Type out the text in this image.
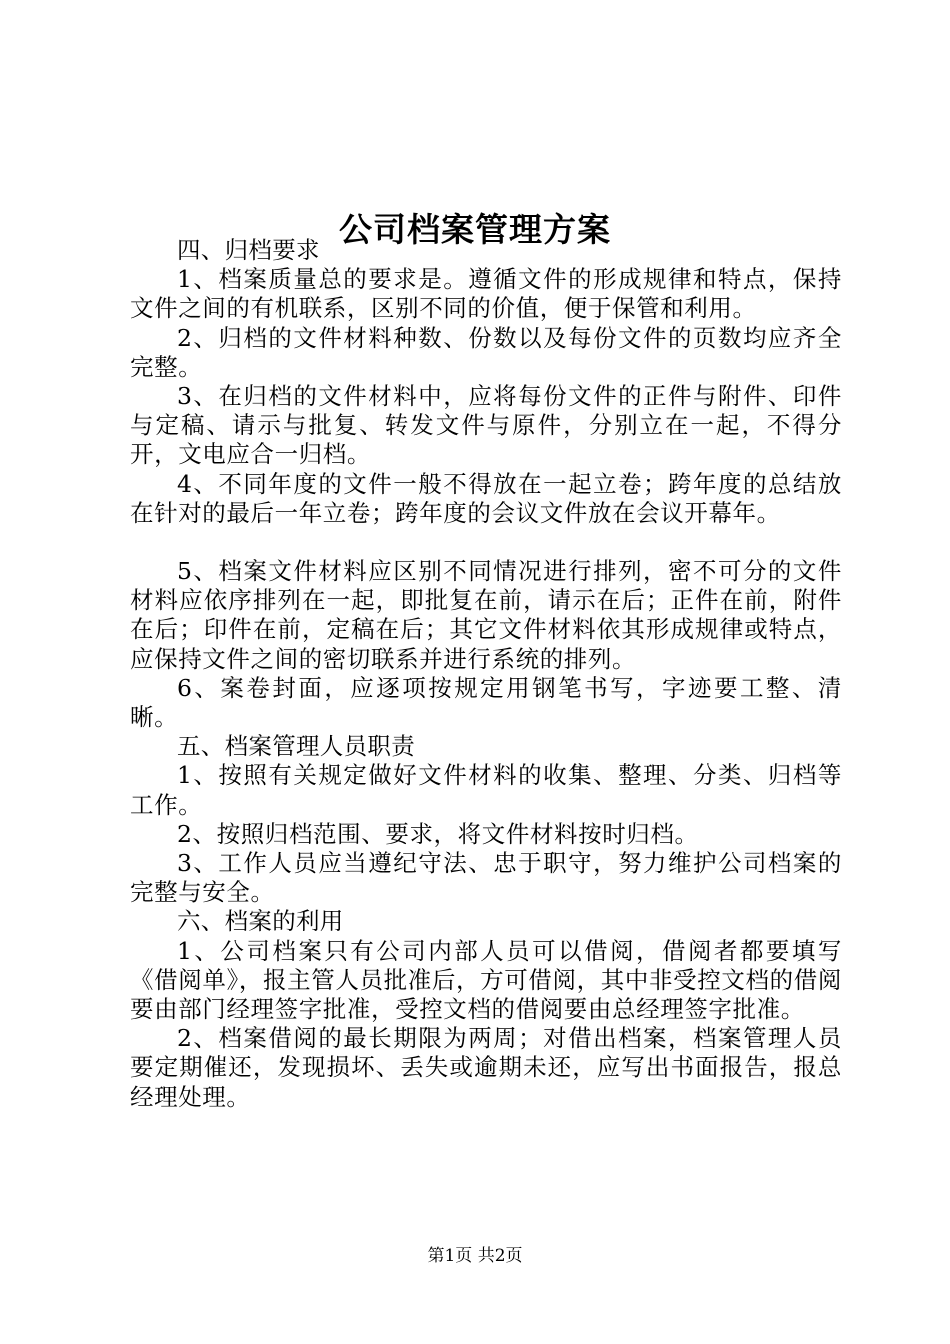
公司档案管理方案

四、归档要求

1、档案质量总的要求是。遵循文件的形成规律和特点，保持文件之间的有机联系，区别不同的价值，便于保管和利用。

2、归档的文件材料种数、份数以及每份文件的页数均应齐全完整。

3、在归档的文件材料中，应将每份文件的正件与附件、印件与定稿、请示与批复、转发文件与原件，分别立在一起，不得分开，文电应合一归档。

4、不同年度的文件一般不得放在一起立卷；跨年度的总结放在针对的最后一年立卷；跨年度的会议文件放在会议开幕年。

5、档案文件材料应区别不同情况进行排列，密不可分的文件材料应依序排列在一起，即批复在前，请示在后；正件在前，附件在后；印件在前，定稿在后；其它文件材料依其形成规律或特点，应保持文件之间的密切联系并进行系统的排列。

6、案卷封面，应逐项按规定用钢笔书写，字迹要工整、清晰。

五、档案管理人员职责

1、按照有关规定做好文件材料的收集、整理、分类、归档等工作。

2、按照归档范围、要求，将文件材料按时归档。

3、工作人员应当遵纪守法、忠于职守，努力维护公司档案的完整与安全。

六、档案的利用

1、公司档案只有公司内部人员可以借阅，借阅者都要填写《借阅单》，报主管人员批准后，方可借阅，其中非受控文档的借阅要由部门经理签字批准，受控文档的借阅要由总经理签字批准。

2、档案借阅的最长期限为两周；对借出档案，档案管理人员要定期催还，发现损坏、丢失或逾期未还，应写出书面报告，报总经理处理。

第1页 共2页
